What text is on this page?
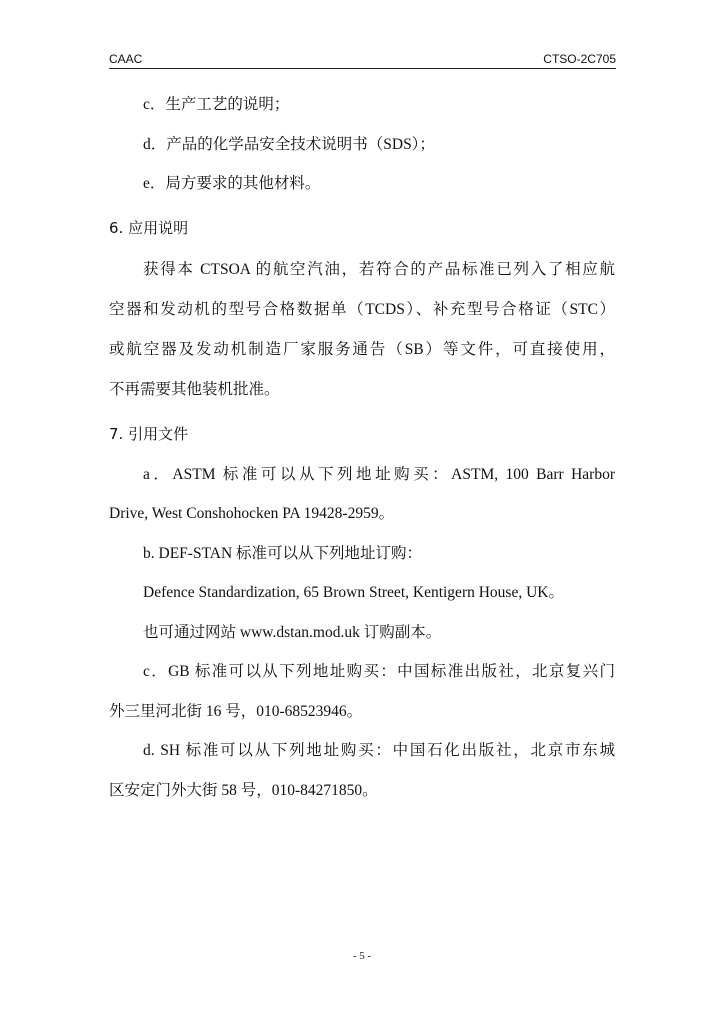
CAAC	CTSO-2C705
c．生产工艺的说明；
d．产品的化学品安全技术说明书（SDS）；
e．局方要求的其他材料。
6. 应用说明
获得本 CTSOA 的航空汽油，若符合的产品标准已列入了相应航
空器和发动机的型号合格数据单（TCDS）、补充型号合格证（STC）
或航空器及发动机制造厂家服务通告（SB）等文件，可直接使用，
不再需要其他装机批准。
7. 引用文件
a．ASTM 标准可以从下列地址购买：ASTM, 100 Barr Harbor
Drive, West Conshohocken PA 19428-2959。
b. DEF-STAN 标准可以从下列地址订购：
Defence Standardization, 65 Brown Street, Kentigern House, UK。
也可通过网站 www.dstan.mod.uk 订购副本。
c．GB 标准可以从下列地址购买：中国标准出版社，北京复兴门
外三里河北街 16 号，010-68523946。
d. SH 标准可以从下列地址购买：中国石化出版社，北京市东城
区安定门外大街 58 号，010-84271850。
- 5 -
